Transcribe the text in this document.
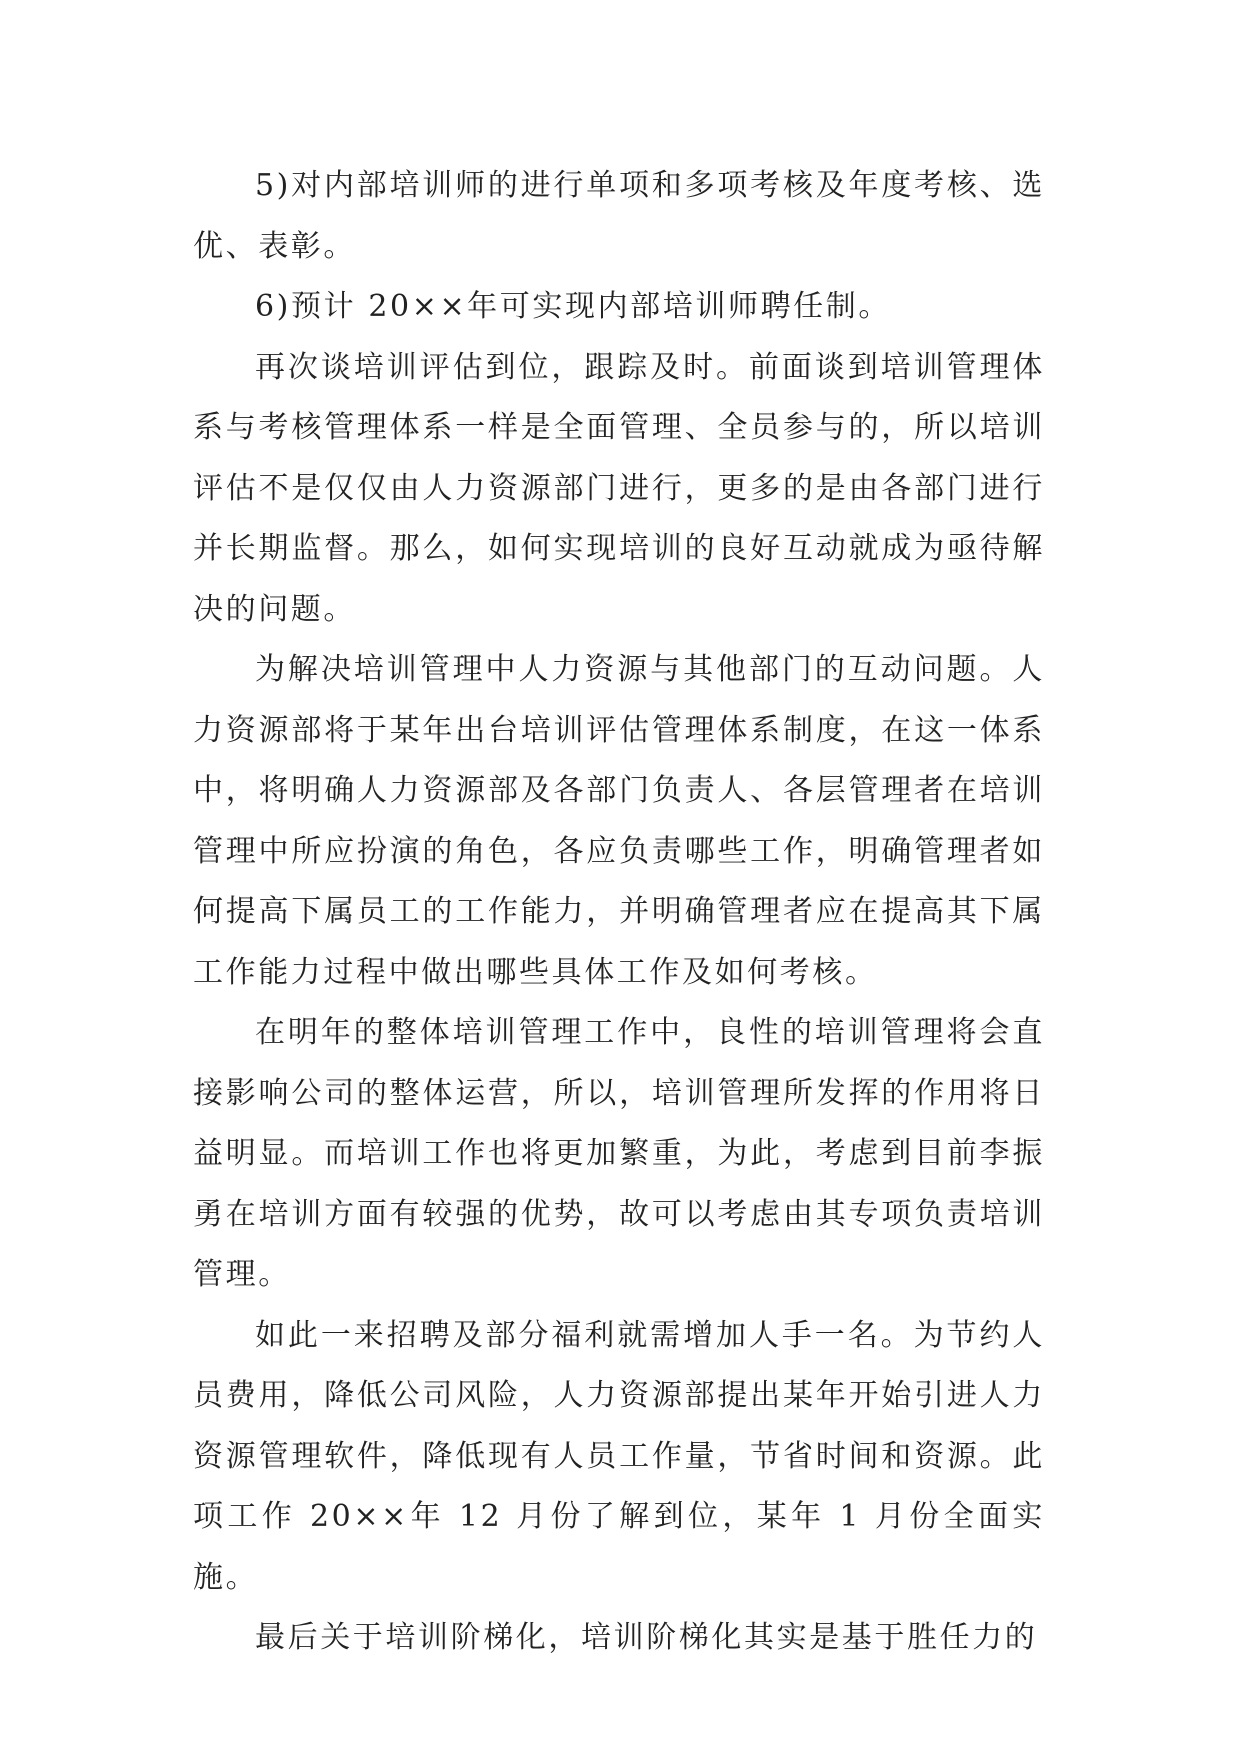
5)对内部培训师的进行单项和多项考核及年度考核、选优、表彰。

6)预计 20××年可实现内部培训师聘任制。

再次谈培训评估到位，跟踪及时。前面谈到培训管理体系与考核管理体系一样是全面管理、全员参与的，所以培训评估不是仅仅由人力资源部门进行，更多的是由各部门进行并长期监督。那么，如何实现培训的良好互动就成为亟待解决的问题。

为解决培训管理中人力资源与其他部门的互动问题。人力资源部将于某年出台培训评估管理体系制度，在这一体系中，将明确人力资源部及各部门负责人、各层管理者在培训管理中所应扮演的角色，各应负责哪些工作，明确管理者如何提高下属员工的工作能力，并明确管理者应在提高其下属工作能力过程中做出哪些具体工作及如何考核。

在明年的整体培训管理工作中，良性的培训管理将会直接影响公司的整体运营，所以，培训管理所发挥的作用将日益明显。而培训工作也将更加繁重，为此，考虑到目前李振勇在培训方面有较强的优势，故可以考虑由其专项负责培训管理。

如此一来招聘及部分福利就需增加人手一名。为节约人员费用，降低公司风险，人力资源部提出某年开始引进人力资源管理软件，降低现有人员工作量，节省时间和资源。此项工作 20××年 12 月份了解到位，某年 1 月份全面实施。

最后关于培训阶梯化，培训阶梯化其实是基于胜任力的
